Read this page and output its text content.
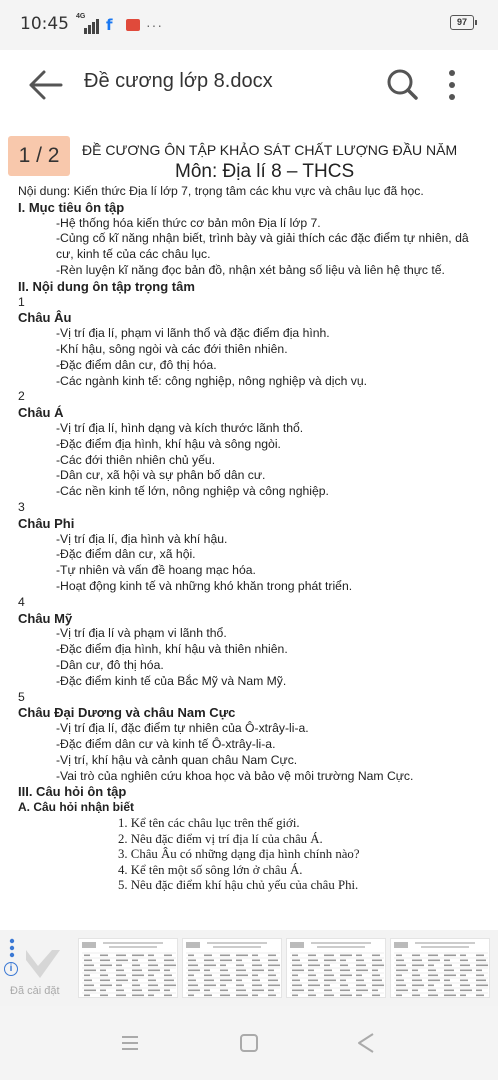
10:45 4G f	···	97
Đề cương lớp 8.docx
1 / 2	ĐỀ CƯƠNG ÔN TẬP KHẢO SÁT CHẤT LƯỢNG ĐẦU NĂM
Môn: Địa lí 8 – THCS
Nội dung: Kiến thức Địa lí lớp 7, trọng tâm các khu vực và châu lục đã học.
I. Mục tiêu ôn tập
-Hệ thống hóa kiến thức cơ bản môn Địa lí lớp 7.
-Củng cố kĩ năng nhận biết, trình bày và giải thích các đặc điểm tự nhiên, dâ
cư, kinh tế của các châu lục.
-Rèn luyện kĩ năng đọc bản đồ, nhận xét bảng số liệu và liên hệ thực tế.
II. Nội dung ôn tập trọng tâm
1
Châu Âu
-Vị trí địa lí, phạm vi lãnh thổ và đặc điểm địa hình.
-Khí hậu, sông ngòi và các đới thiên nhiên.
-Đặc điểm dân cư, đô thị hóa.
-Các ngành kinh tế: công nghiệp, nông nghiệp và dịch vụ.
2
Châu Á
-Vị trí địa lí, hình dạng và kích thước lãnh thổ.
-Đặc điểm địa hình, khí hậu và sông ngòi.
-Các đới thiên nhiên chủ yếu.
-Dân cư, xã hội và sự phân bố dân cư.
-Các nền kinh tế lớn, nông nghiệp và công nghiệp.
3
Châu Phi
-Vị trí địa lí, địa hình và khí hậu.
-Đặc điểm dân cư, xã hội.
-Tự nhiên và vấn đề hoang mạc hóa.
-Hoạt động kinh tế và những khó khăn trong phát triển.
4
Châu Mỹ
-Vị trí địa lí và phạm vi lãnh thổ.
-Đặc điểm địa hình, khí hậu và thiên nhiên.
-Dân cư, đô thị hóa.
-Đặc điểm kinh tế của Bắc Mỹ và Nam Mỹ.
5
Châu Đại Dương và châu Nam Cực
-Vị trí địa lí, đặc điểm tự nhiên của Ô-xtrây-li-a.
-Đặc điểm dân cư và kinh tế Ô-xtrây-li-a.
-Vị trí, khí hậu và cảnh quan châu Nam Cực.
-Vai trò của nghiên cứu khoa học và bảo vệ môi trường Nam Cực.
III. Câu hỏi ôn tập
A. Câu hỏi nhận biết
1. Kể tên các châu lục trên thế giới.
2. Nêu đặc điểm vị trí địa lí của châu Á.
3. Châu Âu có những dạng địa hình chính nào?
4. Kể tên một số sông lớn ở châu Á.
5. Nêu đặc điểm khí hậu chủ yếu của châu Phi.
i
Đã cài đặt
